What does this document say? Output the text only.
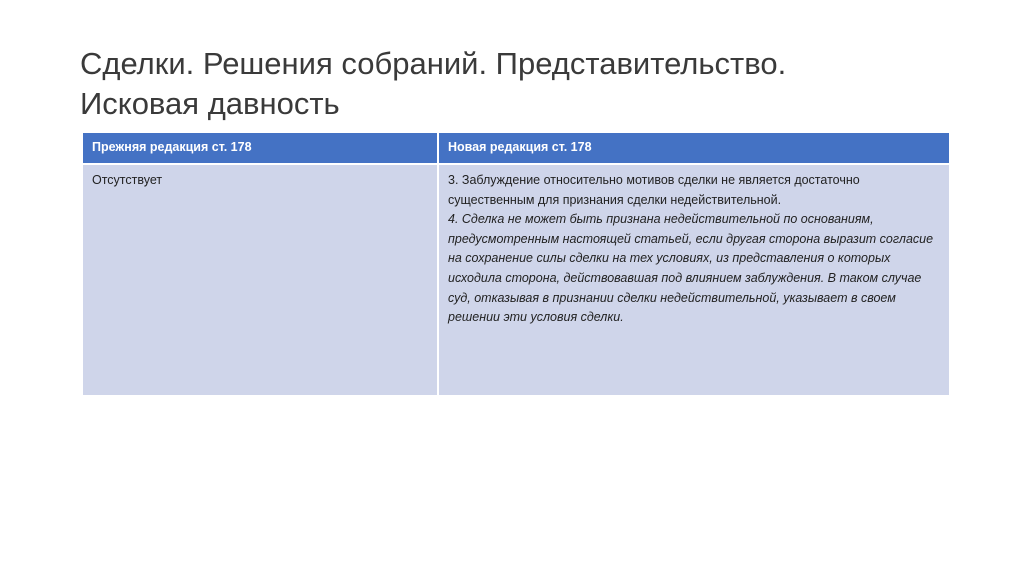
Сделки. Решения собраний. Представительство.
Исковая давность
Прежняя редакция ст. 178	Новая редакция ст. 178

Отсутствует	3. Заблуждение относительно мотивов сделки не является достаточно существенным для признания сделки недействительной.
4. Сделка не может быть признана недействительной по основаниям, предусмотренным настоящей статьей, если другая сторона выразит согласие на сохранение силы сделки на тех условиях, из представления о которых исходила сторона, действовавшая под влиянием заблуждения. В таком случае суд, отказывая в признании сделки недействительной, указывает в своем решении эти условия сделки.
